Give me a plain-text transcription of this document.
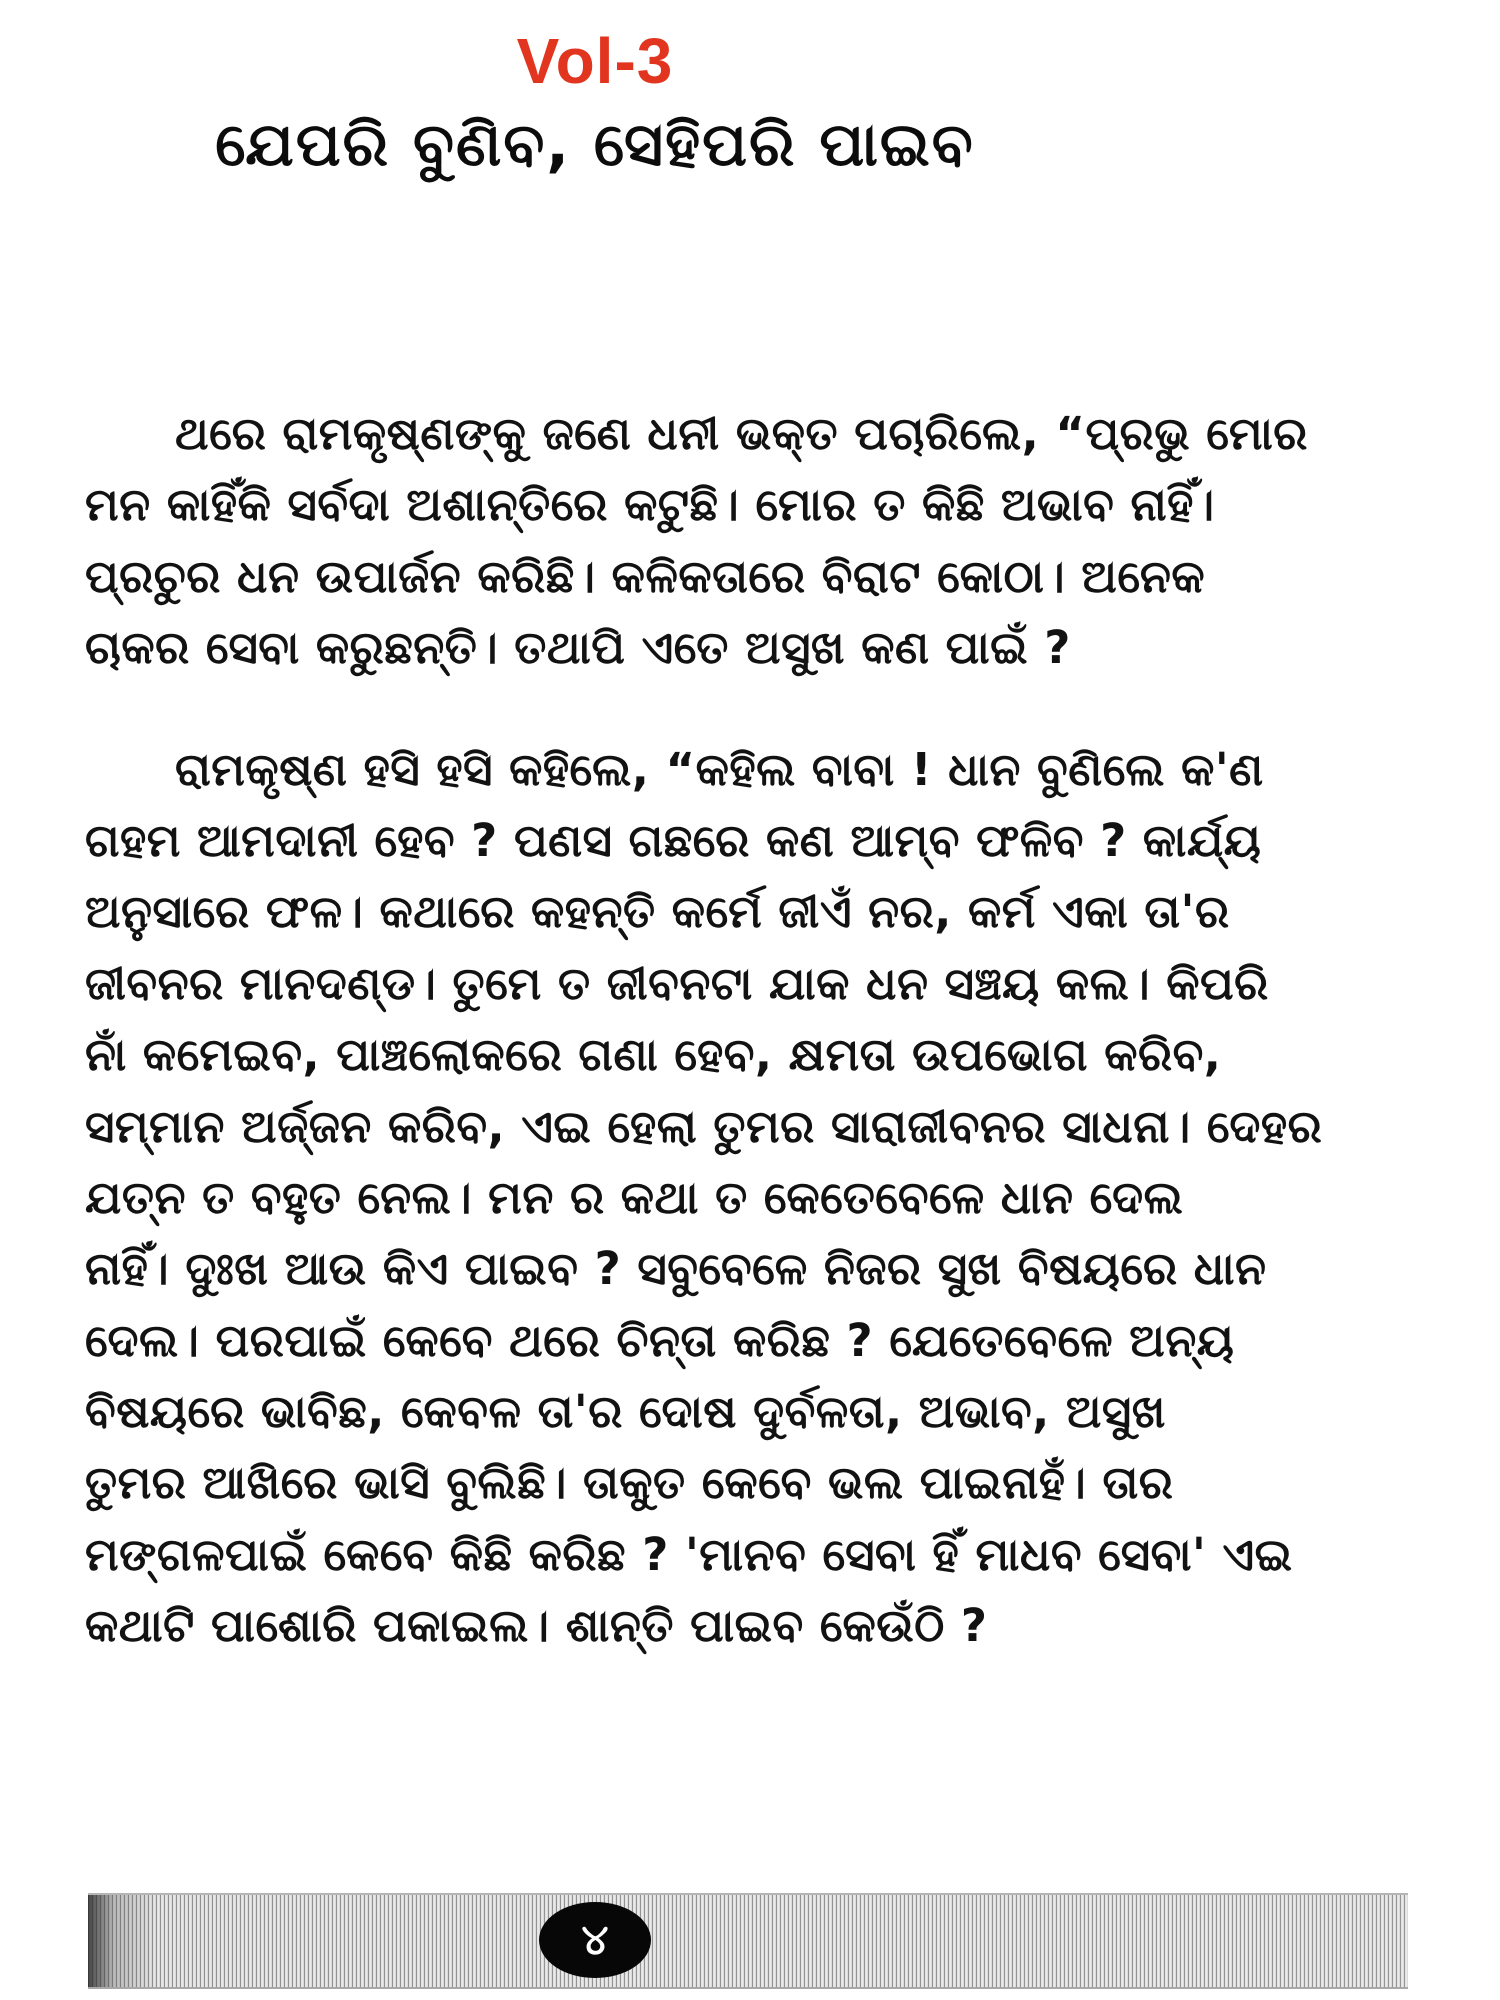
Vol-3
ଯେପରି ବୁଣିବ, ସେହିପରି ପାଇବ
ଥରେ ରାମକୃଷ୍ଣଙ୍କୁ ଜଣେ ଧନୀ ଭକ୍ତ ପଚାରିଲେ, “ପ୍ରଭୁ ମୋର
ମନ କାହିଁକି ସର୍ବଦା ଅଶାନ୍ତିରେ କଟୁଛି। ମୋର ତ କିଛି ଅଭାବ ନାହିଁ।
ପ୍ରଚୁର ଧନ ଉପାର୍ଜନ କରିଛି। କଳିକତାରେ ବିରାଟ କୋଠା। ଅନେକ
ଚାକର ସେବା କରୁଛନ୍ତି। ତଥାପି ଏତେ ଅସୁଖ କଣ ପାଇଁ ?
ରାମକୃଷ୍ଣ ହସି ହସି କହିଲେ, “କହିଲ ବାବା ! ଧାନ ବୁଣିଲେ କ'ଣ
ଗହମ ଆମଦାନୀ ହେବ ? ପଣସ ଗଛରେ କଣ ଆମ୍ବ ଫଳିବ ? କାର୍ଯ୍ୟ
ଅନୁସାରେ ଫଳ। କଥାରେ କହନ୍ତି କର୍ମେ ଜୀଏଁ ନର, କର୍ମ ଏକା ତା'ର
ଜୀବନର ମାନଦଣ୍ଡ। ତୁମେ ତ ଜୀବନଟା ଯାକ ଧନ ସଞ୍ଚୟ କଲ। କିପରି
ନାଁ କମେଇବ, ପାଞ୍ଚଲୋକରେ ଗଣା ହେବ, କ୍ଷମତା ଉପଭୋଗ କରିବ,
ସମ୍ମାନ ଅର୍ଜ୍ଜନ କରିବ, ଏଇ ହେଲା ତୁମର ସାରାଜୀବନର ସାଧନା। ଦେହର
ଯତ୍ନ ତ ବହୁତ ନେଲ। ମନ ର କଥା ତ କେତେବେଳେ ଧାନ ଦେଲ
ନାହିଁ। ଦୁଃଖ ଆଉ କିଏ ପାଇବ ? ସବୁବେଳେ ନିଜର ସୁଖ ବିଷୟରେ ଧାନ
ଦେଲ। ପରପାଇଁ କେବେ ଥରେ ଚିନ୍ତା କରିଛ ? ଯେତେବେଳେ ଅନ୍ୟ
ବିଷୟରେ ଭାବିଛ, କେବଳ ତା'ର ଦୋଷ ଦୁର୍ବଳତା, ଅଭାବ, ଅସୁଖ
ତୁମର ଆଖିରେ ଭାସି ବୁଲିଛି। ତାକୁତ କେବେ ଭଲ ପାଇନାହଁ। ତାର
ମଙ୍ଗଳପାଇଁ କେବେ କିଛି କରିଛ ? 'ମାନବ ସେବା ହିଁ ମାଧବ ସେବା' ଏଇ
କଥାଟି ପାଶୋରି ପକାଇଲ। ଶାନ୍ତି ପାଇବ କେଉଁଠି ?
୪
